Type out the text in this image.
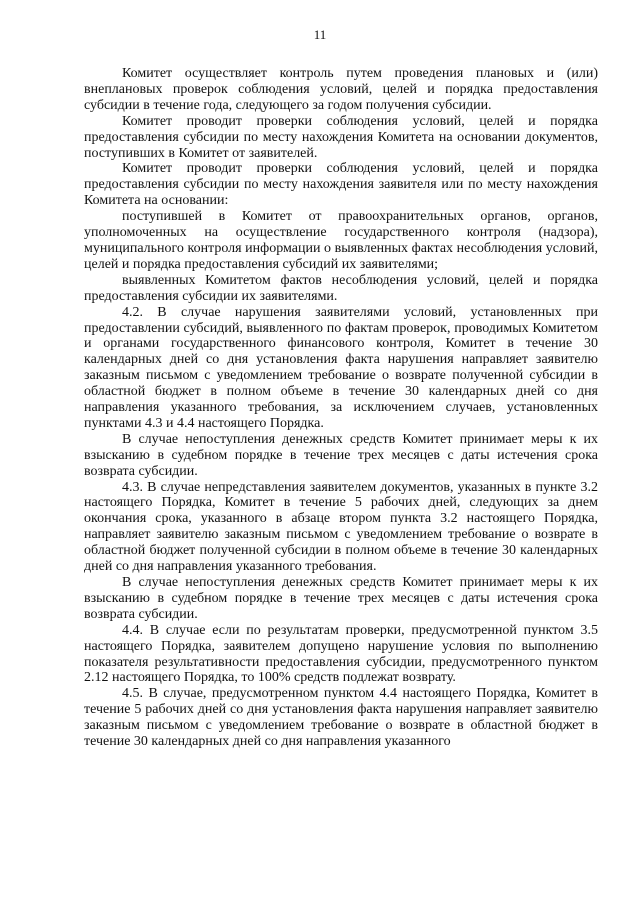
11

Комитет осуществляет контроль путем проведения плановых и (или) внеплановых проверок соблюдения условий, целей и порядка предоставления субсидии в течение года, следующего за годом получения субсидии.

Комитет проводит проверки соблюдения условий, целей и порядка предоставления субсидии по месту нахождения Комитета на основании документов, поступивших в Комитет от заявителей.

Комитет проводит проверки соблюдения условий, целей и порядка предоставления субсидии по месту нахождения заявителя или по месту нахождения Комитета на основании:

поступившей в Комитет от правоохранительных органов, органов, уполномоченных на осуществление государственного контроля (надзора), муниципального контроля информации о выявленных фактах несоблюдения условий, целей и порядка предоставления субсидий их заявителями;

выявленных Комитетом фактов несоблюдения условий, целей и порядка предоставления субсидии их заявителями.

4.2. В случае нарушения заявителями условий, установленных при предоставлении субсидий, выявленного по фактам проверок, проводимых Комитетом и органами государственного финансового контроля, Комитет в течение 30 календарных дней со дня установления факта нарушения направляет заявителю заказным письмом с уведомлением требование о возврате полученной субсидии в областной бюджет в полном объеме в течение 30 календарных дней со дня направления указанного требования, за исключением случаев, установленных пунктами 4.3 и 4.4 настоящего Порядка.

В случае непоступления денежных средств Комитет принимает меры к их взысканию в судебном порядке в течение трех месяцев с даты истечения срока возврата субсидии.

4.3. В случае непредставления заявителем документов, указанных в пункте 3.2 настоящего Порядка, Комитет в течение 5 рабочих дней, следующих за днем окончания срока, указанного в абзаце втором пункта 3.2 настоящего Порядка, направляет заявителю заказным письмом с уведомлением требование о возврате в областной бюджет полученной субсидии в полном объеме в течение 30 календарных дней со дня направления указанного требования.

В случае непоступления денежных средств Комитет принимает меры к их взысканию в судебном порядке в течение трех месяцев с даты истечения срока возврата субсидии.

4.4. В случае если по результатам проверки, предусмотренной пунктом 3.5 настоящего Порядка, заявителем допущено нарушение условия по выполнению показателя результативности предоставления субсидии, предусмотренного пунктом 2.12 настоящего Порядка, то 100% средств подлежат возврату.

4.5. В случае, предусмотренном пунктом 4.4 настоящего Порядка, Комитет в течение 5 рабочих дней со дня установления факта нарушения направляет заявителю заказным письмом с уведомлением требование о возврате в областной бюджет в течение 30 календарных дней со дня направления указанного
